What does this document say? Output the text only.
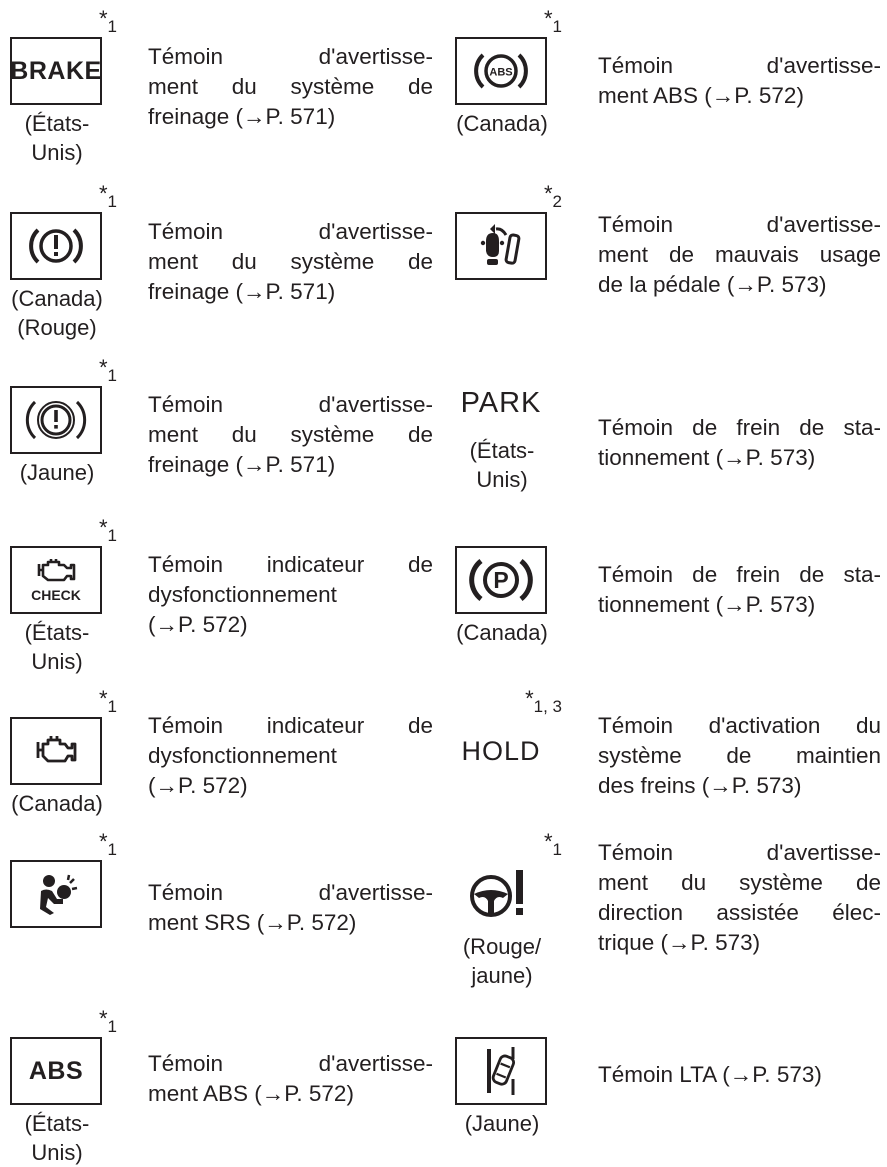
$*_1$
BRAKE
(États-
Unis)
Témoin d'avertisse-
ment du système de
freinage (→P. 571)
$*_1$
ABS
(Canada)
Témoin d'avertisse-
ment ABS (→P. 572)
$*_1$
(Canada)
(Rouge)
Témoin d'avertisse-
ment du système de
freinage (→P. 571)
$*_2$
Témoin d'avertisse-
ment de mauvais usage
de la pédale (→P. 573)
$*_1$
(Jaune)
Témoin d'avertisse-
ment du système de
freinage (→P. 571)
PARK
(États-
Unis)
Témoin de frein de sta-
tionnement (→P. 573)
$*_1$
CHECK
(États-
Unis)
Témoin indicateur de
dysfonctionnement
(→P. 572)
P
(Canada)
Témoin de frein de sta-
tionnement (→P. 573)
$*_1$
(Canada)
Témoin indicateur de
dysfonctionnement
(→P. 572)
$*_{1, 3}$
HOLD
Témoin d'activation du
système de maintien
des freins (→P. 573)
$*_1$
Témoin d'avertisse-
ment SRS (→P. 572)
$*_1$
(Rouge/
jaune)
Témoin d'avertisse-
ment du système de
direction assistée élec-
trique (→P. 573)
$*_1$
ABS
(États-
Unis)
Témoin d'avertisse-
ment ABS (→P. 572)
(Jaune)
Témoin LTA (→P. 573)
